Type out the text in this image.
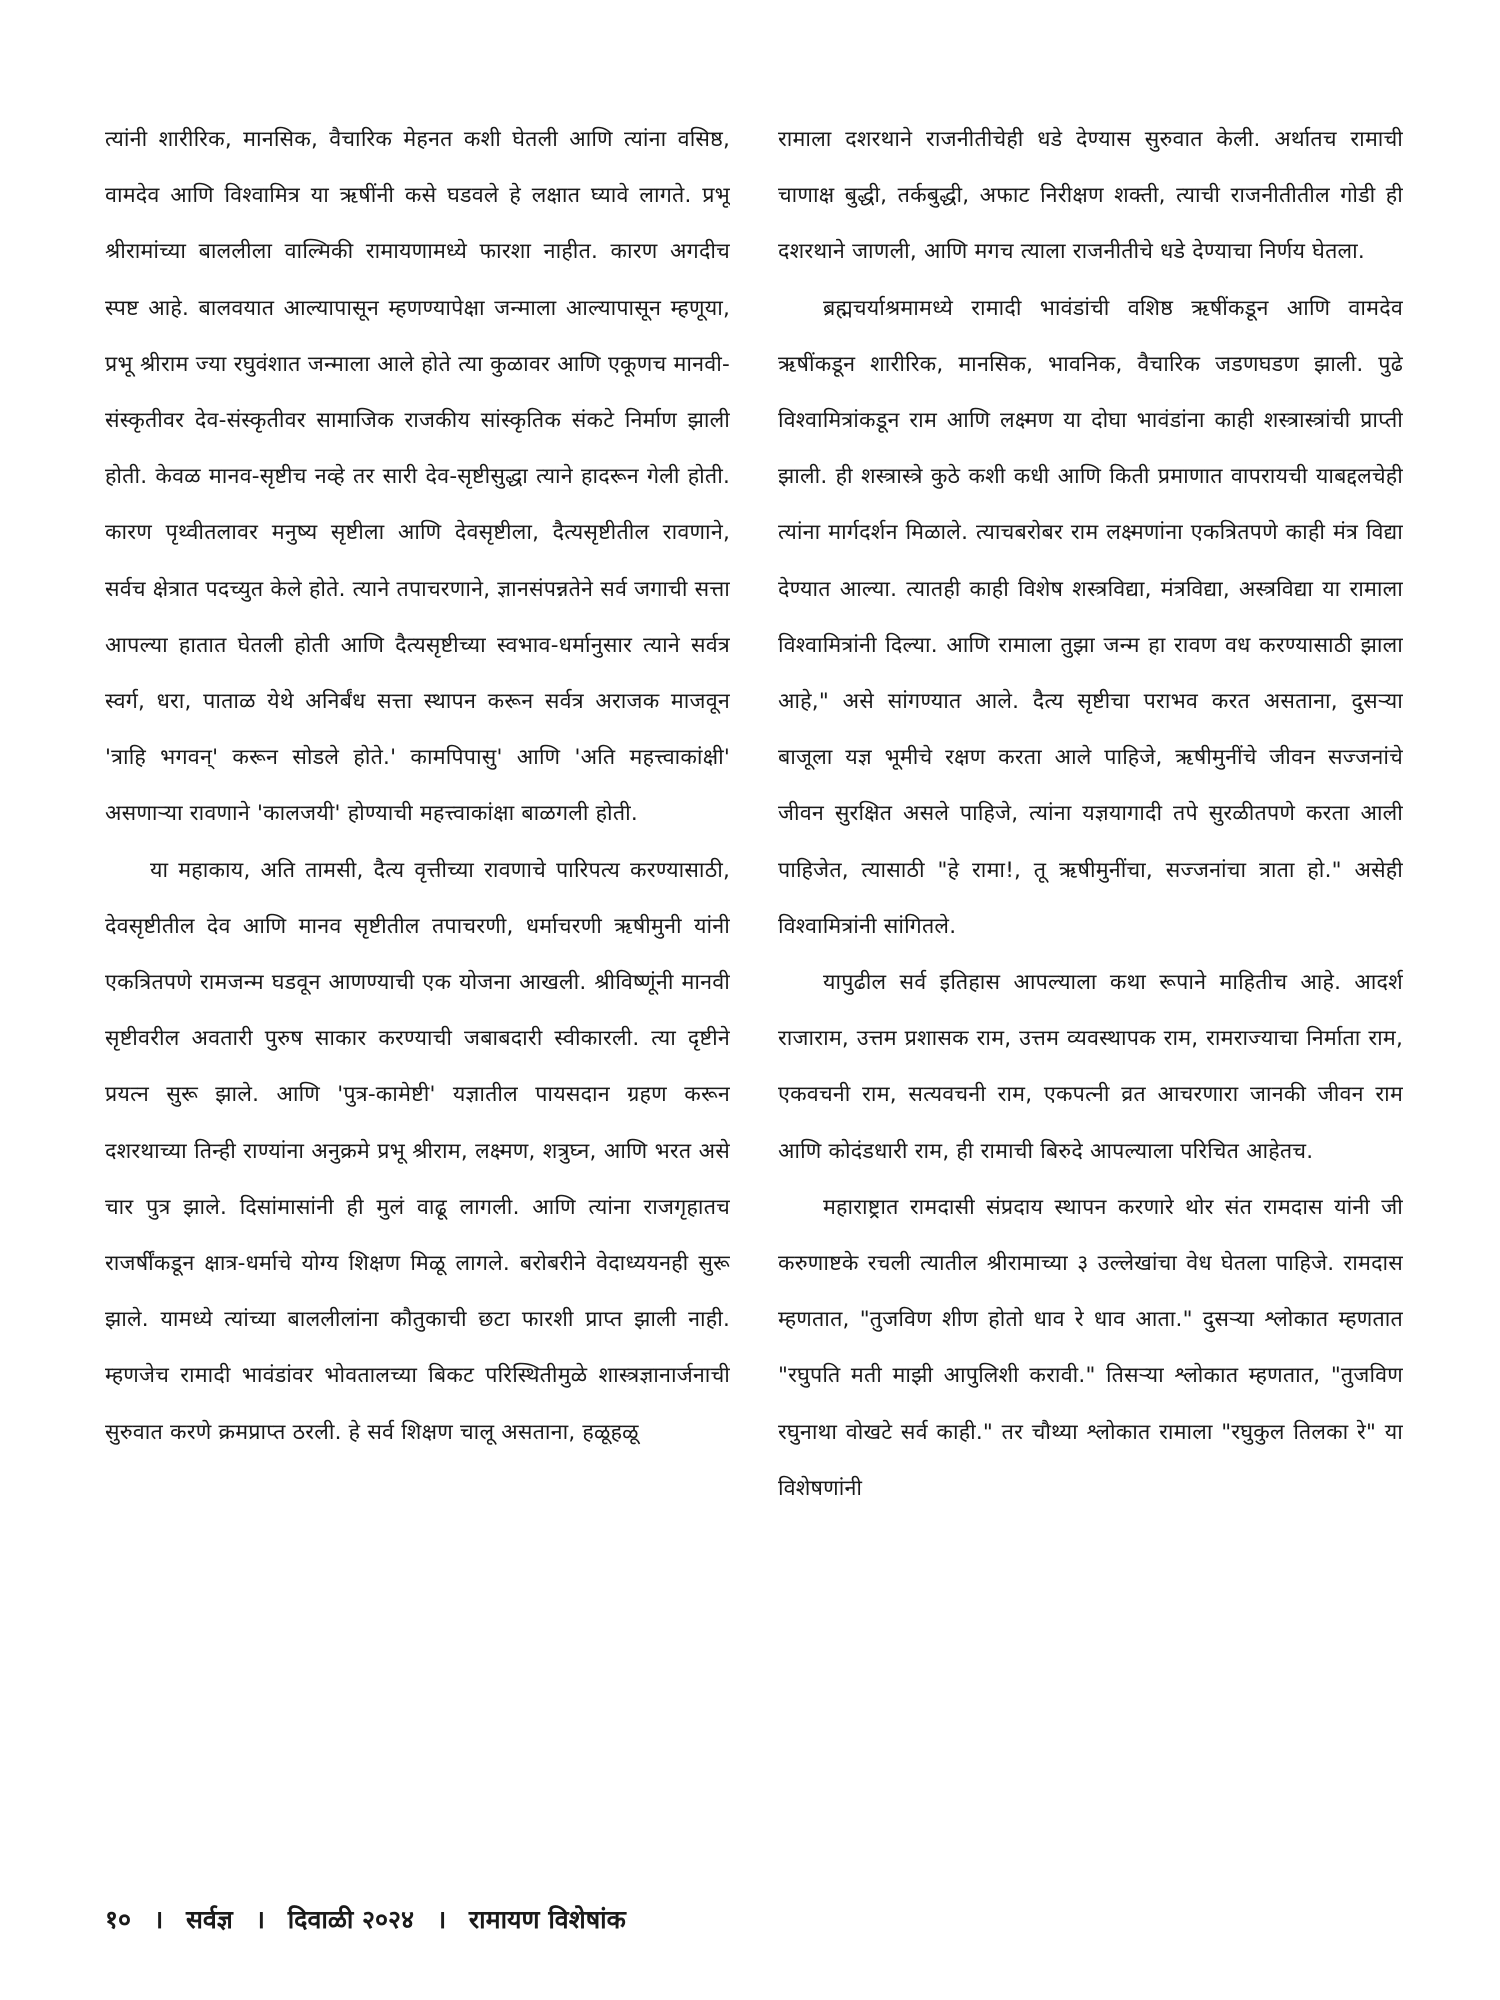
त्यांनी शारीरिक, मानसिक, वैचारिक मेहनत कशी घेतली आणि त्यांना वसिष्ठ, वामदेव आणि विश्वामित्र या ऋषींनी कसे घडवले हे लक्षात घ्यावे लागते. प्रभू श्रीरामांच्या बाललीला वाल्मिकी रामायणामध्ये फारशा नाहीत. कारण अगदीच स्पष्ट आहे. बालवयात आल्यापासून म्हणण्यापेक्षा जन्माला आल्यापासून म्हणूया, प्रभू श्रीराम ज्या रघुवंशात जन्माला आले होते त्या कुळावर आणि एकूणच मानवी-संस्कृतीवर देव-संस्कृतीवर सामाजिक राजकीय सांस्कृतिक संकटे निर्माण झाली होती. केवळ मानव-सृष्टीच नव्हे तर सारी देव-सृष्टीसुद्धा त्याने हादरून गेली होती. कारण पृथ्वीतलावर मनुष्य सृष्टीला आणि देवसृष्टीला, दैत्यसृष्टीतील रावणाने, सर्वच क्षेत्रात पदच्युत केले होते. त्याने तपाचरणाने, ज्ञानसंपन्नतेने सर्व जगाची सत्ता आपल्या हातात घेतली होती आणि दैत्यसृष्टीच्या स्वभाव-धर्मानुसार त्याने सर्वत्र स्वर्ग, धरा, पाताळ येथे अनिर्बंध सत्ता स्थापन करून सर्वत्र अराजक माजवून 'त्राहि भगवन्' करून सोडले होते.' कामपिपासु' आणि 'अति महत्त्वाकांक्षी' असणाऱ्या रावणाने 'कालजयी' होण्याची महत्त्वाकांक्षा बाळगली होती.

या महाकाय, अति तामसी, दैत्य वृत्तीच्या रावणाचे पारिपत्य करण्यासाठी, देवसृष्टीतील देव आणि मानव सृष्टीतील तपाचरणी, धर्माचरणी ऋषीमुनी यांनी एकत्रितपणे रामजन्म घडवून आणण्याची एक योजना आखली. श्रीविष्णूंनी मानवी सृष्टीवरील अवतारी पुरुष साकार करण्याची जबाबदारी स्वीकारली. त्या दृष्टीने प्रयत्न सुरू झाले. आणि 'पुत्र-कामेष्टी' यज्ञातील पायसदान ग्रहण करून दशरथाच्या तिन्ही राण्यांना अनुक्रमे प्रभू श्रीराम, लक्ष्मण, शत्रुघ्न, आणि भरत असे चार पुत्र झाले. दिसांमासांनी ही मुलं वाढू लागली. आणि त्यांना राजगृहातच राजर्षींकडून क्षात्र-धर्माचे योग्य शिक्षण मिळू लागले. बरोबरीने वेदाध्ययनही सुरू झाले. यामध्ये त्यांच्या बाललीलांना कौतुकाची छटा फारशी प्राप्त झाली नाही. म्हणजेच रामादी भावंडांवर भोवतालच्या बिकट परिस्थितीमुळे शास्त्रज्ञानार्जनाची सुरुवात करणे क्रमप्राप्त ठरली. हे सर्व शिक्षण चालू असताना, हळूहळू

रामाला दशरथाने राजनीतीचेही धडे देण्यास सुरुवात केली. अर्थातच रामाची चाणाक्ष बुद्धी, तर्कबुद्धी, अफाट निरीक्षण शक्ती, त्याची राजनीतीतील गोडी ही दशरथाने जाणली, आणि मगच त्याला राजनीतीचे धडे देण्याचा निर्णय घेतला.

ब्रह्मचर्याश्रमामध्ये रामादी भावंडांची वशिष्ठ ऋषींकडून आणि वामदेव ऋषींकडून शारीरिक, मानसिक, भावनिक, वैचारिक जडणघडण झाली. पुढे विश्वामित्रांकडून राम आणि लक्ष्मण या दोघा भावंडांना काही शस्त्रास्त्रांची प्राप्ती झाली. ही शस्त्रास्त्रे कुठे कशी कधी आणि किती प्रमाणात वापरायची याबद्दलचेही त्यांना मार्गदर्शन मिळाले. त्याचबरोबर राम लक्ष्मणांना एकत्रितपणे काही मंत्र विद्या देण्यात आल्या. त्यातही काही विशेष शस्त्रविद्या, मंत्रविद्या, अस्त्रविद्या या रामाला विश्वामित्रांनी दिल्या. आणि रामाला तुझा जन्म हा रावण वध करण्यासाठी झाला आहे," असे सांगण्यात आले. दैत्य सृष्टीचा पराभव करत असताना, दुसऱ्या बाजूला यज्ञ भूमीचे रक्षण करता आले पाहिजे, ऋषीमुनींचे जीवन सज्जनांचे जीवन सुरक्षित असले पाहिजे, त्यांना यज्ञयागादी तपे सुरळीतपणे करता आली पाहिजेत, त्यासाठी "हे रामा!, तू ऋषीमुनींचा, सज्जनांचा त्राता हो." असेही विश्वामित्रांनी सांगितले.

यापुढील सर्व इतिहास आपल्याला कथा रूपाने माहितीच आहे. आदर्श राजाराम, उत्तम प्रशासक राम, उत्तम व्यवस्थापक राम, रामराज्याचा निर्माता राम, एकवचनी राम, सत्यवचनी राम, एकपत्नी व्रत आचरणारा जानकी जीवन राम आणि कोदंडधारी राम, ही रामाची बिरुदे आपल्याला परिचित आहेतच.

महाराष्ट्रात रामदासी संप्रदाय स्थापन करणारे थोर संत रामदास यांनी जी करुणाष्टके रचली त्यातील श्रीरामाच्या ३ उल्लेखांचा वेध घेतला पाहिजे. रामदास म्हणतात, "तुजविण शीण होतो धाव रे धाव आता." दुसऱ्या श्लोकात म्हणतात "रघुपति मती माझी आपुलिशी करावी." तिसऱ्या श्लोकात म्हणतात, "तुजविण रघुनाथा वोखटे सर्व काही." तर चौथ्या श्लोकात रामाला "रघुकुल तिलका रे" या विशेषणांनी

१० । सर्वज्ञ । दिवाळी २०२४ । रामायण विशेषांक
